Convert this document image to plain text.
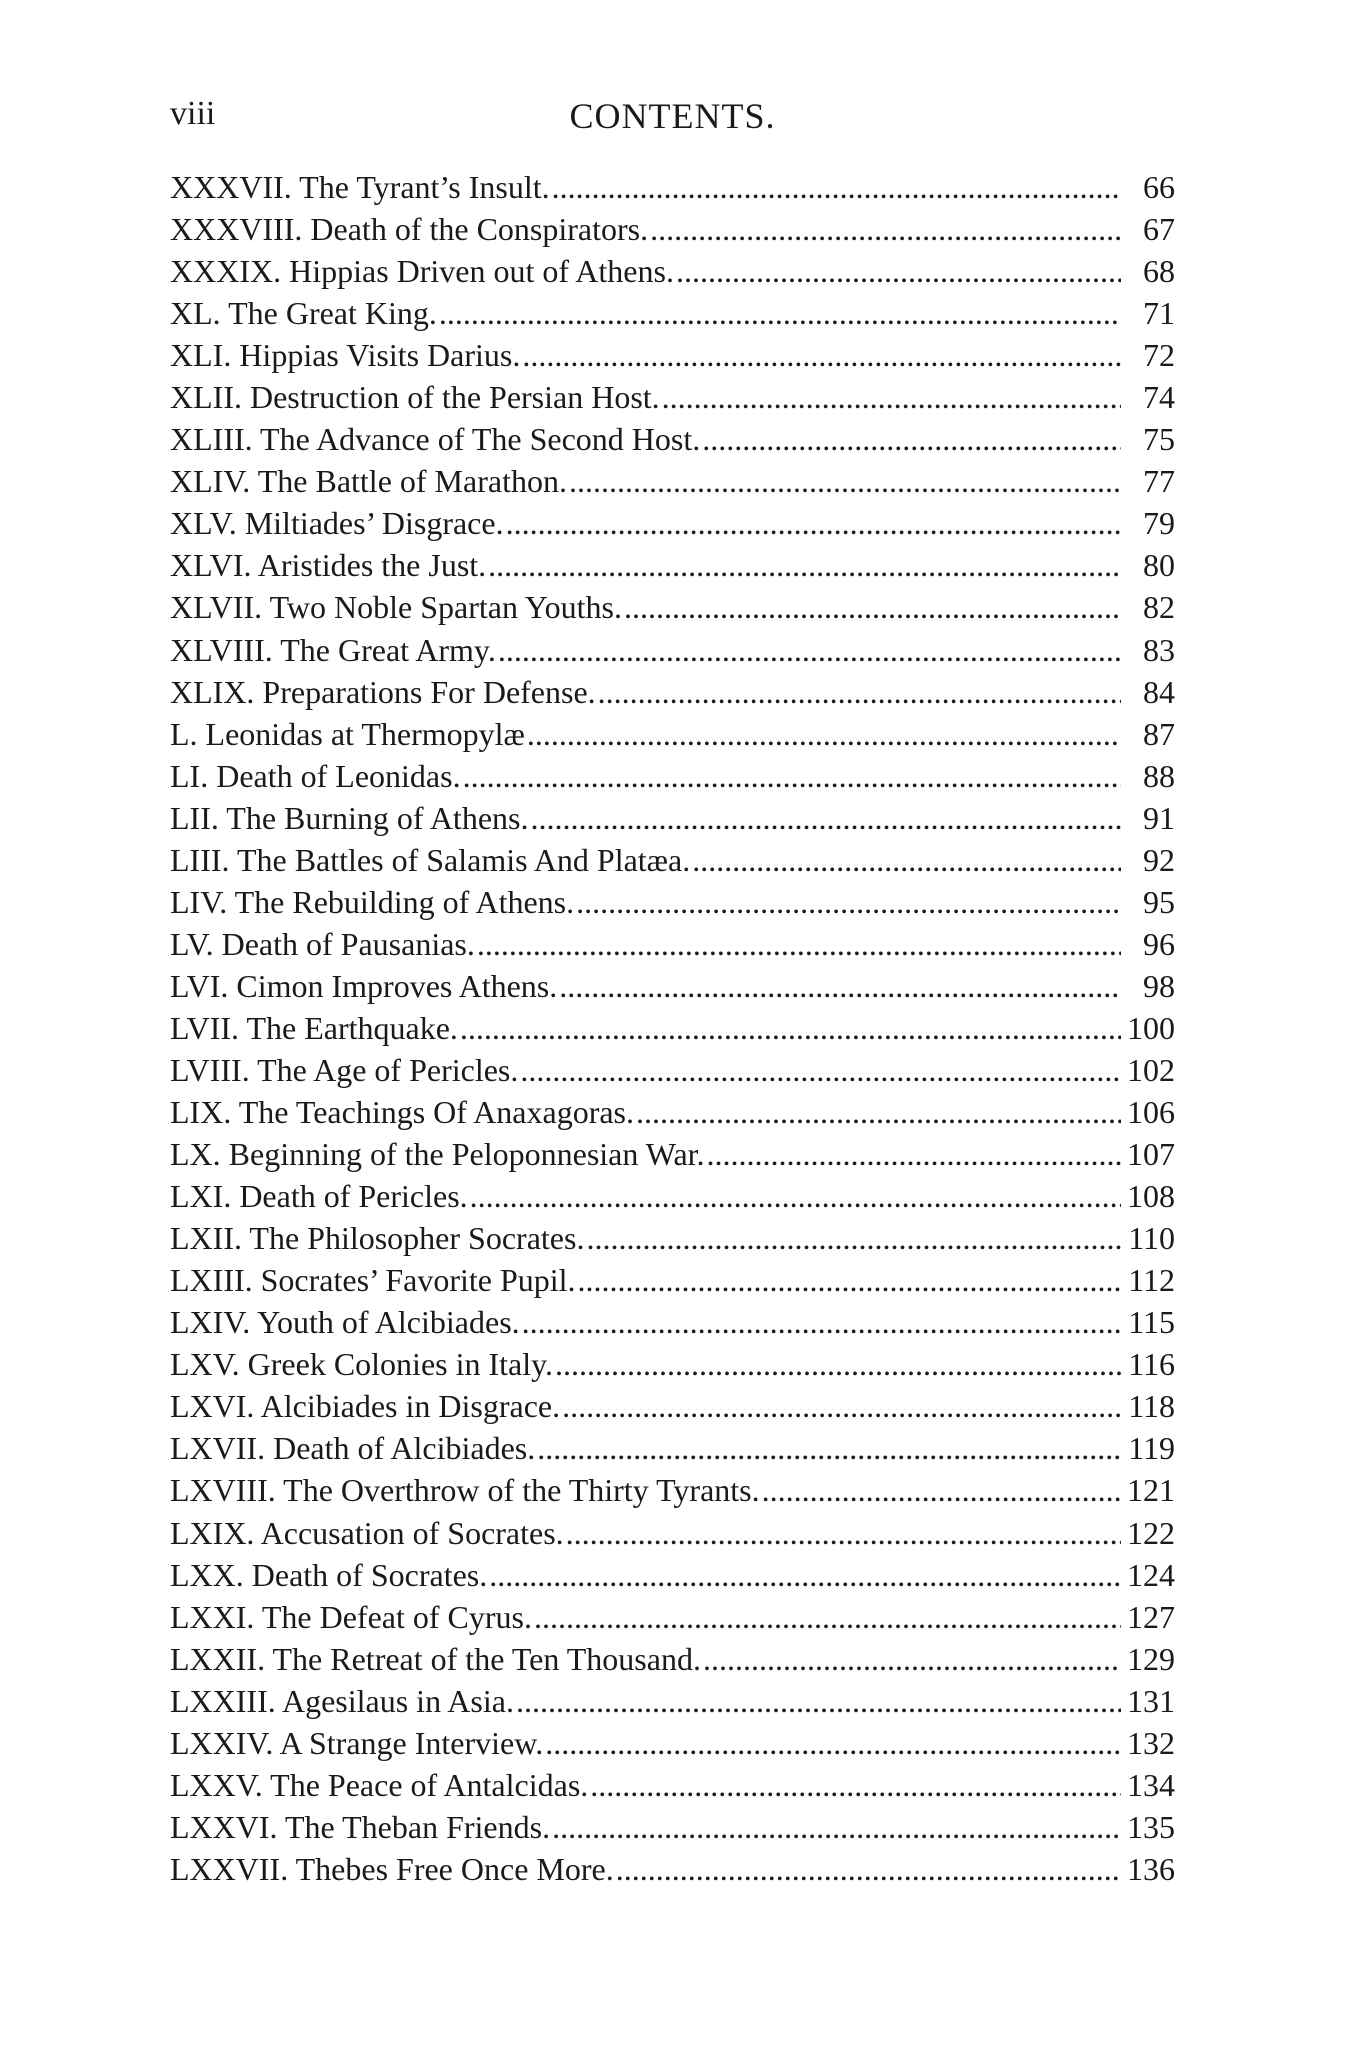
viii	CONTENTS.
XXXVII. The Tyrant’s Insult. . . .	66
XXXVIII. Death of the Conspirators. . . .	67
XXXIX. Hippias Driven out of Athens. . . .	68
XL. The Great King. . . .	71
XLI. Hippias Visits Darius. . . .	72
XLII. Destruction of the Persian Host. . . .	74
XLIII. The Advance of The Second Host. . . .	75
XLIV. The Battle of Marathon. . . .	77
XLV. Miltiades’ Disgrace. . . .	79
XLVI. Aristides the Just. . . .	80
XLVII. Two Noble Spartan Youths. . . .	82
XLVIII. The Great Army. . . .	83
XLIX. Preparations For Defense. . . .	84
L. Leonidas at Thermopylæ . . .	87
LI. Death of Leonidas. . . .	88
LII. The Burning of Athens. . . .	91
LIII. The Battles of Salamis And Platæa. . . .	92
LIV. The Rebuilding of Athens. . . .	95
LV. Death of Pausanias. . . .	96
LVI. Cimon Improves Athens. . . .	98
LVII. The Earthquake. . . .	100
LVIII. The Age of Pericles. . . .	102
LIX. The Teachings Of Anaxagoras. . . .	106
LX. Beginning of the Peloponnesian War. . . .	107
LXI. Death of Pericles. . . .	108
LXII. The Philosopher Socrates. . . .	110
LXIII. Socrates’ Favorite Pupil. . . .	112
LXIV. Youth of Alcibiades. . . .	115
LXV. Greek Colonies in Italy. . . .	116
LXVI. Alcibiades in Disgrace. . . .	118
LXVII. Death of Alcibiades. . . .	119
LXVIII. The Overthrow of the Thirty Tyrants. . . .	121
LXIX. Accusation of Socrates. . . .	122
LXX. Death of Socrates. . . .	124
LXXI. The Defeat of Cyrus. . . .	127
LXXII. The Retreat of the Ten Thousand. . . .	129
LXXIII. Agesilaus in Asia. . . .	131
LXXIV. A Strange Interview. . . .	132
LXXV. The Peace of Antalcidas. . . .	134
LXXVI. The Theban Friends. . . .	135
LXXVII. Thebes Free Once More. . . .	136
